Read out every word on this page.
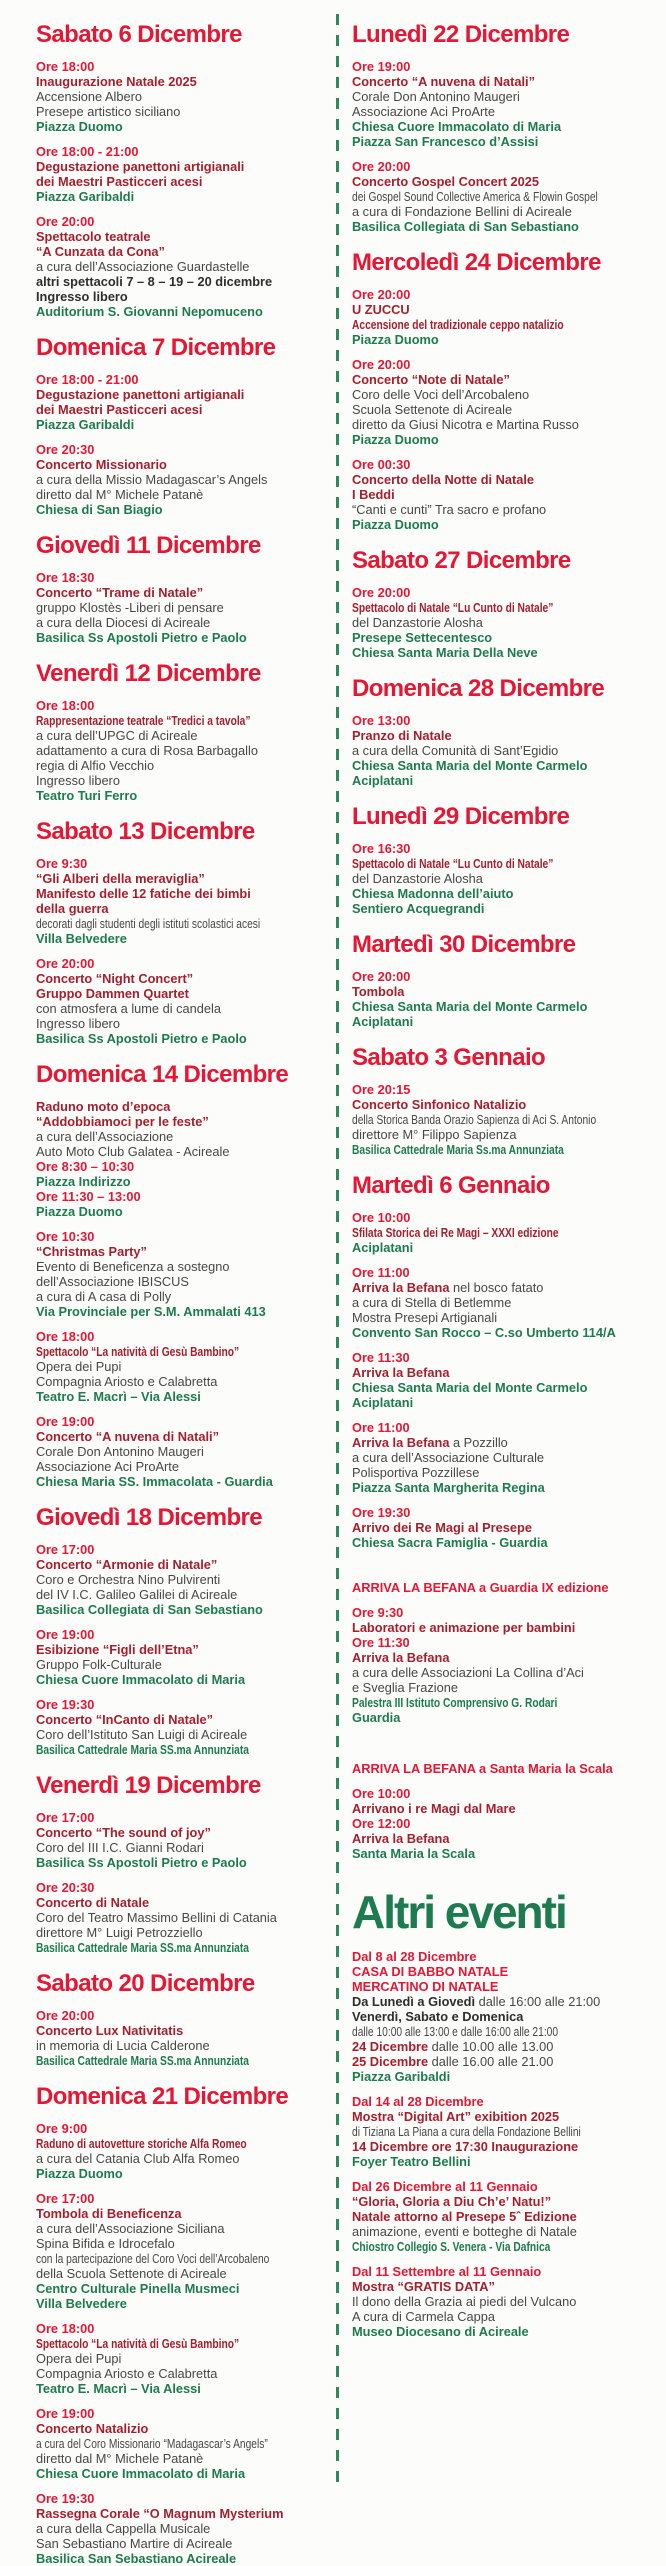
Sabato 6 Dicembre

Ore 18:00

Inaugurazione Natale 2025

Accensione Albero

Presepe artistico siciliano

Piazza Duomo

Ore 18:00 - 21:00

Degustazione panettoni artigianali

dei Maestri Pasticceri acesi

Piazza Garibaldi

Ore 20:00

Spettacolo teatrale

“A Cunzata da Cona”

a cura dell’Associazione Guardastelle

altri spettacoli 7 – 8 – 19 – 20 dicembre

Ingresso libero

Auditorium S. Giovanni Nepomuceno

Domenica 7 Dicembre

Ore 18:00 - 21:00

Degustazione panettoni artigianali

dei Maestri Pasticceri acesi

Piazza Garibaldi

Ore 20:30

Concerto Missionario

a cura della Missio Madagascar’s Angels

diretto dal M° Michele Patanè

Chiesa di San Biagio

Giovedì 11 Dicembre

Ore 18:30

Concerto “Trame di Natale”

gruppo Klostès -Liberi di pensare

a cura della Diocesi di Acireale

Basilica Ss Apostoli Pietro e Paolo

Venerdì 12 Dicembre

Ore 18:00

Rappresentazione teatrale “Tredici a tavola”

a cura dell’UPGC di Acireale

adattamento a cura di Rosa Barbagallo

regia di Alfio Vecchio

Ingresso libero

Teatro Turi Ferro

Sabato 13 Dicembre

Ore 9:30

“Gli Alberi della meraviglia”

Manifesto delle 12 fatiche dei bimbi

della guerra

decorati dagli studenti degli istituti scolastici acesi

Villa Belvedere

Ore 20:00

Concerto “Night Concert”

Gruppo Dammen Quartet

con atmosfera a lume di candela

Ingresso libero

Basilica Ss Apostoli Pietro e Paolo

Domenica 14 Dicembre

Raduno moto d’epoca

“Addobbiamoci per le feste”

a cura dell’Associazione

Auto Moto Club Galatea - Acireale

Ore 8:30 – 10:30

Piazza Indirizzo

Ore 11:30 – 13:00

Piazza Duomo

Ore 10:30

“Christmas Party”

Evento di Beneficenza a sostegno

dell’Associazione IBISCUS

a cura di A casa di Polly

Via Provinciale per S.M. Ammalati 413

Ore 18:00

Spettacolo “La natività di Gesù Bambino”

Opera dei Pupi

Compagnia Ariosto e Calabretta

Teatro E. Macrì – Via Alessi

Ore 19:00

Concerto “A nuvena di Natali”

Corale Don Antonino Maugeri

Associazione Aci ProArte

Chiesa Maria SS. Immacolata - Guardia

Giovedì 18 Dicembre

Ore 17:00

Concerto “Armonie di Natale”

Coro e Orchestra Nino Pulvirenti

del IV I.C. Galileo Galilei di Acireale

Basilica Collegiata di San Sebastiano

Ore 19:00

Esibizione “Figli dell’Etna”

Gruppo Folk-Culturale

Chiesa Cuore Immacolato di Maria

Ore 19:30

Concerto “InCanto di Natale”

Coro dell’Istituto San Luigi di Acireale

Basilica Cattedrale Maria SS.ma Annunziata

Venerdì 19 Dicembre

Ore 17:00

Concerto “The sound of joy”

Coro del III I.C. Gianni Rodari

Basilica Ss Apostoli Pietro e Paolo

Ore 20:30

Concerto di Natale

Coro del Teatro Massimo Bellini di Catania

direttore M° Luigi Petrozziello

Basilica Cattedrale Maria SS.ma Annunziata

Sabato 20 Dicembre

Ore 20:00

Concerto Lux Nativitatis

in memoria di Lucia Calderone

Basilica Cattedrale Maria SS.ma Annunziata

Domenica 21 Dicembre

Ore 9:00

Raduno di autovetture storiche Alfa Romeo

a cura del Catania Club Alfa Romeo

Piazza Duomo

Ore 17:00

Tombola di Beneficenza

a cura dell’Associazione Siciliana

Spina Bifida e Idrocefalo

con la partecipazione del Coro Voci dell’Arcobaleno

della Scuola Settenote di Acireale

Centro Culturale Pinella Musmeci

Villa Belvedere

Ore 18:00

Spettacolo “La natività di Gesù Bambino”

Opera dei Pupi

Compagnia Ariosto e Calabretta

Teatro E. Macrì – Via Alessi

Ore 19:00

Concerto Natalizio

a cura del Coro Missionario “Madagascar’s Angels”

diretto dal M° Michele Patanè

Chiesa Cuore Immacolato di Maria

Ore 19:30

Rassegna Corale “O Magnum Mysterium

a cura della Cappella Musicale

San Sebastiano Martire di Acireale

Basilica San Sebastiano Acireale

Lunedì 22 Dicembre

Ore 19:00

Concerto “A nuvena di Natali”

Corale Don Antonino Maugeri

Associazione Aci ProArte

Chiesa Cuore Immacolato di Maria

Piazza San Francesco d’Assisi

Ore 20:00

Concerto Gospel Concert 2025

dei Gospel Sound Collective America & Flowin Gospel

a cura di Fondazione Bellini di Acireale

Basilica Collegiata di San Sebastiano

Mercoledì 24 Dicembre

Ore 20:00

U ZUCCU

Accensione del tradizionale ceppo natalizio

Piazza Duomo

Ore 20:00

Concerto “Note di Natale”

Coro delle Voci dell’Arcobaleno

Scuola Settenote di Acireale

diretto da Giusi Nicotra e Martina Russo

Piazza Duomo

Ore 00:30

Concerto della Notte di Natale

I Beddi

“Canti e cunti” Tra sacro e profano

Piazza Duomo

Sabato 27 Dicembre

Ore 20:00

Spettacolo di Natale “Lu Cunto di Natale”

del Danzastorie Alosha

Presepe Settecentesco

Chiesa Santa Maria Della Neve

Domenica 28 Dicembre

Ore 13:00

Pranzo di Natale

a cura della Comunità di Sant’Egidio

Chiesa Santa Maria del Monte Carmelo

Aciplatani

Lunedì 29 Dicembre

Ore 16:30

Spettacolo di Natale “Lu Cunto di Natale”

del Danzastorie Alosha

Chiesa Madonna dell’aiuto

Sentiero Acquegrandi

Martedì 30 Dicembre

Ore 20:00

Tombola

Chiesa Santa Maria del Monte Carmelo

Aciplatani

Sabato 3 Gennaio

Ore 20:15

Concerto Sinfonico Natalizio

della Storica Banda Orazio Sapienza di Aci S. Antonio

direttore M° Filippo Sapienza

Basilica Cattedrale Maria Ss.ma Annunziata

Martedì 6 Gennaio

Ore 10:00

Sfilata Storica dei Re Magi – XXXI edizione

Aciplatani

Ore 11:00

Arriva la Befana nel bosco fatato

a cura di Stella di Betlemme

Mostra Presepi Artigianali

Convento San Rocco – C.so Umberto 114/A

Ore 11:30

Arriva la Befana

Chiesa Santa Maria del Monte Carmelo

Aciplatani

Ore 11:00

Arriva la Befana a Pozzillo

a cura dell’Associazione Culturale

Polisportiva Pozzillese

Piazza Santa Margherita Regina

Ore 19:30

Arrivo dei Re Magi al Presepe

Chiesa Sacra Famiglia - Guardia

ARRIVA LA BEFANA a Guardia IX edizione

Ore 9:30

Laboratori e animazione per bambini

Ore 11:30

Arriva la Befana

a cura delle Associazioni La Collina d’Aci

e Sveglia Frazione

Palestra III Istituto Comprensivo G. Rodari

Guardia

ARRIVA LA BEFANA a Santa Maria la Scala

Ore 10:00

Arrivano i re Magi dal Mare

Ore 12:00

Arriva la Befana

Santa Maria la Scala

Altri eventi

Dal 8 al 28 Dicembre

CASA DI BABBO NATALE

MERCATINO DI NATALE

Da Lunedì a Giovedì dalle 16:00 alle 21:00

Venerdì, Sabato e Domenica

dalle 10:00 alle 13:00 e dalle 16:00 alle 21:00

24 Dicembre dalle 10.00 alle 13.00

25 Dicembre dalle 16.00 alle 21.00

Piazza Garibaldi

Dal 14 al 28 Dicembre

Mostra “Digital Art” exibition 2025

di Tiziana La Piana a cura della Fondazione Bellini

14 Dicembre ore 17:30 Inaugurazione

Foyer Teatro Bellini

Dal 26 Dicembre al 11 Gennaio

“Gloria, Gloria a Diu Ch’e’ Natu!”

Natale attorno al Presepe 5ˆ Edizione

animazione, eventi e botteghe di Natale

Chiostro Collegio S. Venera - Via Dafnica

Dal 11 Settembre al 11 Gennaio

Mostra “GRATIS DATA”

Il dono della Grazia ai piedi del Vulcano

A cura di Carmela Cappa

Museo Diocesano di Acireale
